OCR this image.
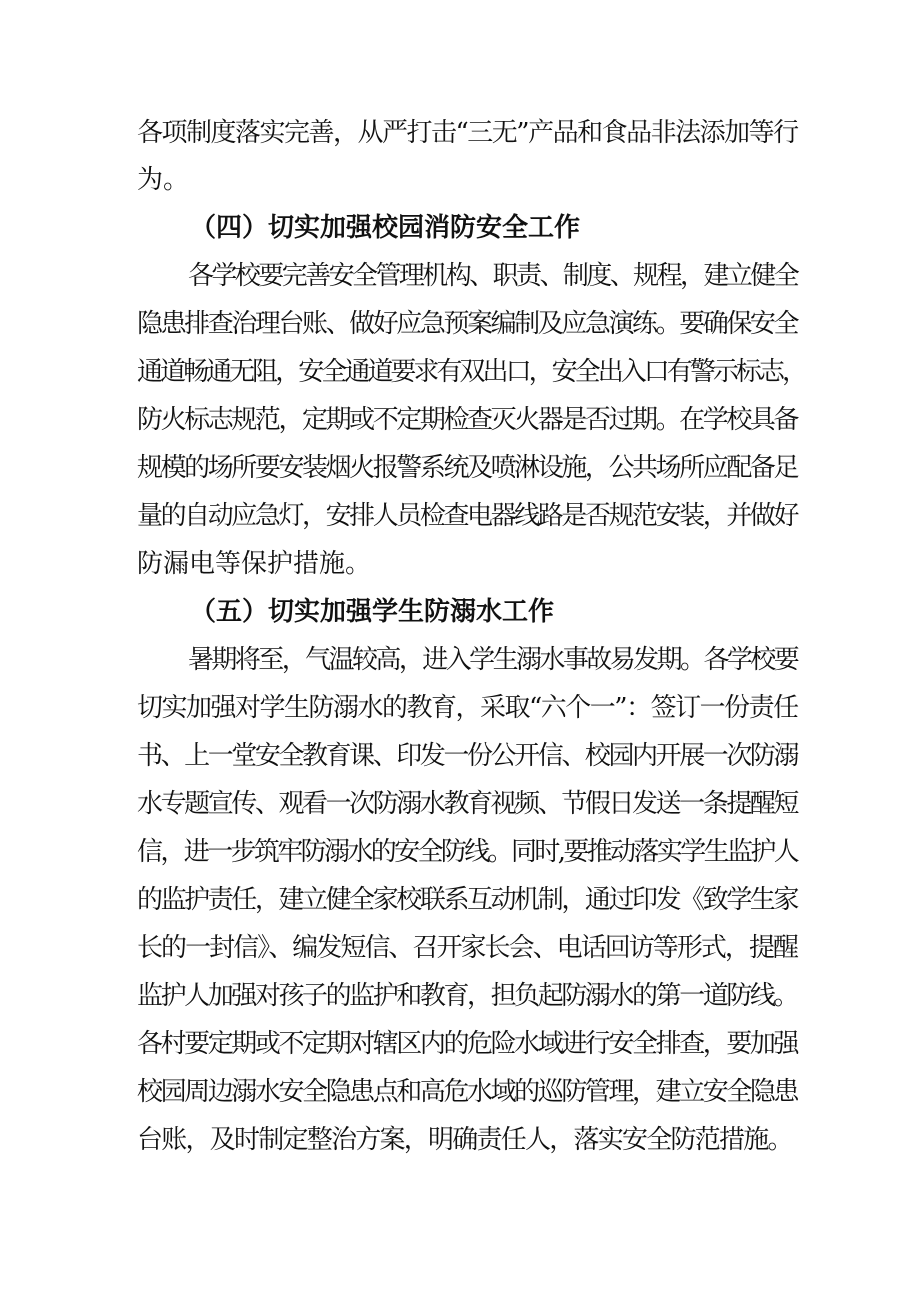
各项制度落实完善，从严打击“三无”产品和食品非法添加等行
为。
（四）切实加强校园消防安全工作
各学校要完善安全管理机构、职责、制度、规程，建立健全
隐患排查治理台账、做好应急预案编制及应急演练。要确保安全
通道畅通无阻，安全通道要求有双出口，安全出入口有警示标志，
防火标志规范，定期或不定期检查灭火器是否过期。在学校具备
规模的场所要安装烟火报警系统及喷淋设施，公共场所应配备足
量的自动应急灯，安排人员检查电器线路是否规范安装，并做好
防漏电等保护措施。
（五）切实加强学生防溺水工作
暑期将至，气温较高，进入学生溺水事故易发期。各学校要
切实加强对学生防溺水的教育，采取“六个一”：签订一份责任
书、上一堂安全教育课、印发一份公开信、校园内开展一次防溺
水专题宣传、观看一次防溺水教育视频、节假日发送一条提醒短
信，进一步筑牢防溺水的安全防线。同时,要推动落实学生监护人
的监护责任，建立健全家校联系互动机制，通过印发《致学生家
长的一封信》、编发短信、召开家长会、电话回访等形式，提醒
监护人加强对孩子的监护和教育，担负起防溺水的第一道防线。
各村要定期或不定期对辖区内的危险水域进行安全排查，要加强
校园周边溺水安全隐患点和高危水域的巡防管理，建立安全隐患
台账，及时制定整治方案，明确责任人，落实安全防范措施。
